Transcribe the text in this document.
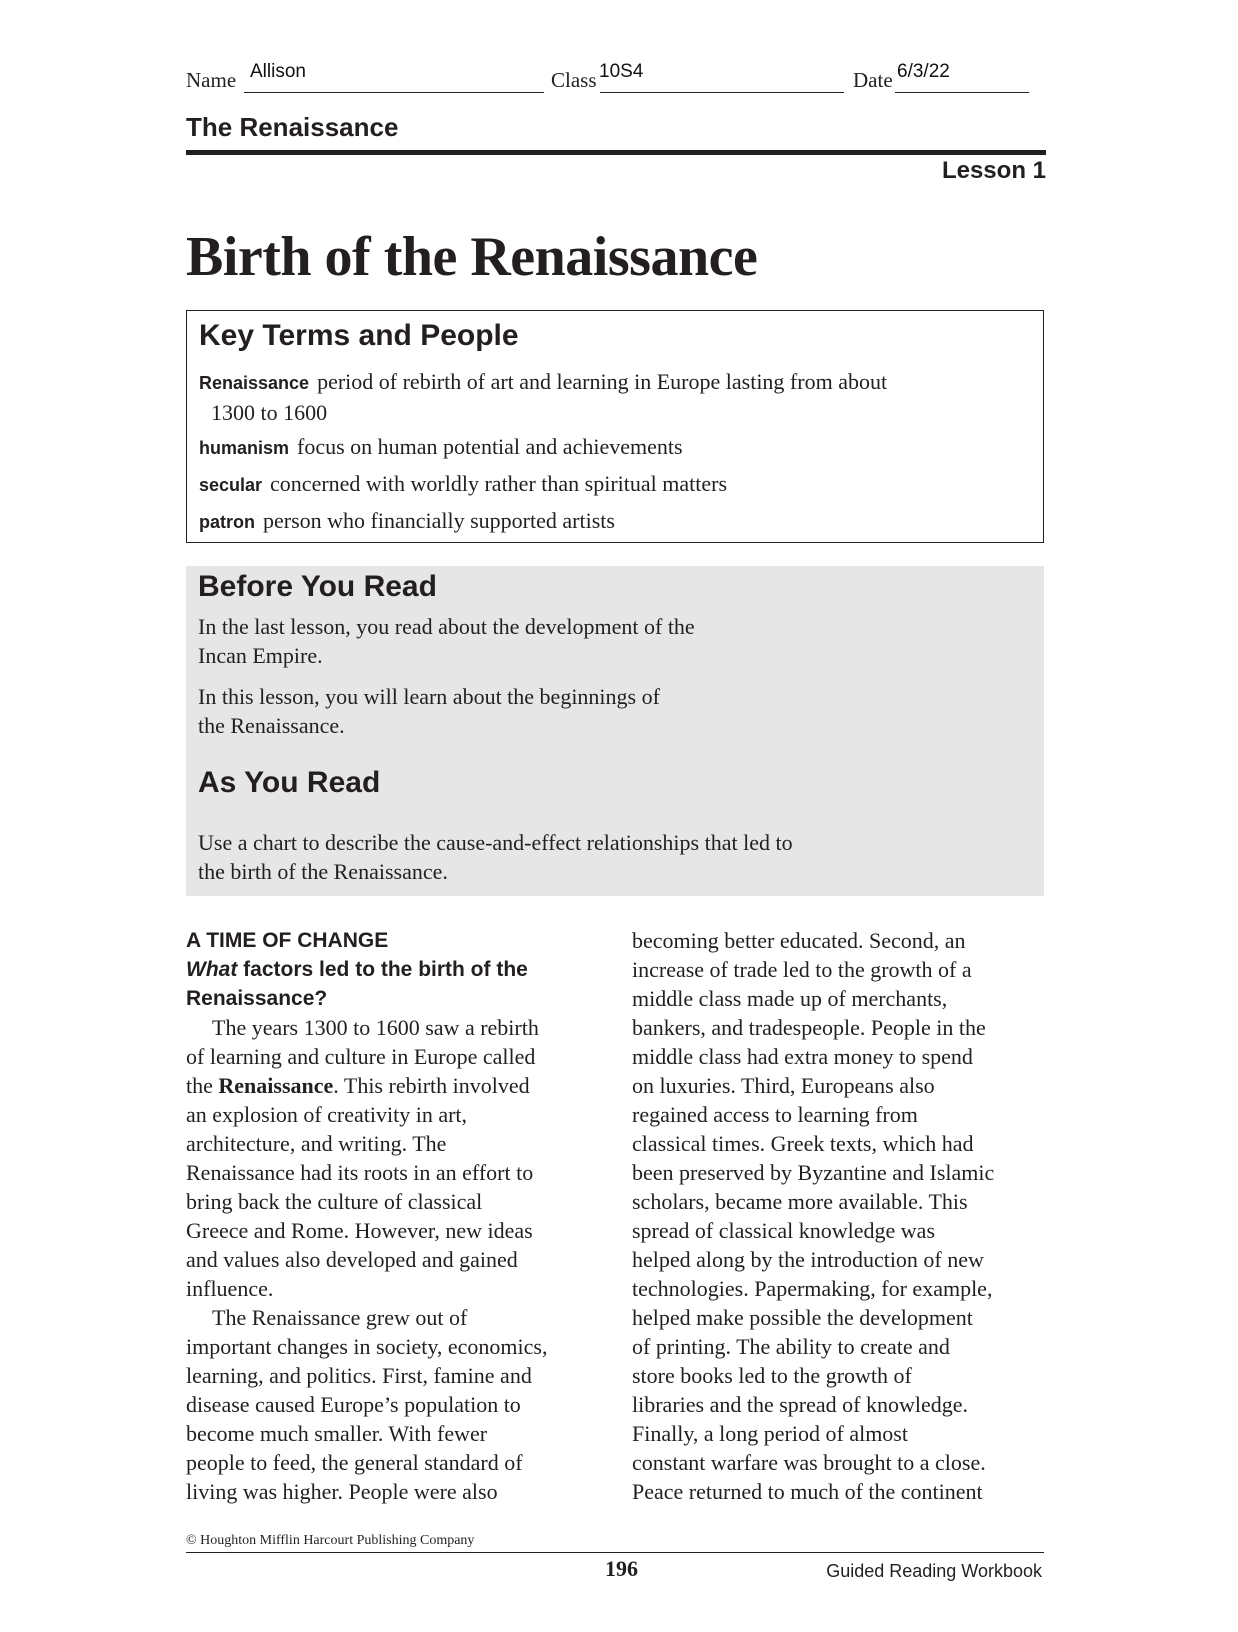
Name Allison	Class 10S4	Date 6/3/22
The Renaissance
Lesson 1
Birth of the Renaissance
Key Terms and People
Renaissance period of rebirth of art and learning in Europe lasting from about
1300 to 1600
humanism focus on human potential and achievements
secular concerned with worldly rather than spiritual matters
patron person who financially supported artists
Before You Read
In the last lesson, you read about the development of the
Incan Empire.
In this lesson, you will learn about the beginnings of
the Renaissance.
As You Read
Use a chart to describe the cause-and-effect relationships that led to
the birth of the Renaissance.
A TIME OF CHANGE
What factors led to the birth of the
Renaissance?
The years 1300 to 1600 saw a rebirth
of learning and culture in Europe called
the Renaissance. This rebirth involved
an explosion of creativity in art,
architecture, and writing. The
Renaissance had its roots in an effort to
bring back the culture of classical
Greece and Rome. However, new ideas
and values also developed and gained
influence.
The Renaissance grew out of
important changes in society, economics,
learning, and politics. First, famine and
disease caused Europe’s population to
become much smaller. With fewer
people to feed, the general standard of
living was higher. People were also
becoming better educated. Second, an
increase of trade led to the growth of a
middle class made up of merchants,
bankers, and tradespeople. People in the
middle class had extra money to spend
on luxuries. Third, Europeans also
regained access to learning from
classical times. Greek texts, which had
been preserved by Byzantine and Islamic
scholars, became more available. This
spread of classical knowledge was
helped along by the introduction of new
technologies. Papermaking, for example,
helped make possible the development
of printing. The ability to create and
store books led to the growth of
libraries and the spread of knowledge.
Finally, a long period of almost
constant warfare was brought to a close.
Peace returned to much of the continent
© Houghton Mifflin Harcourt Publishing Company
196	Guided Reading Workbook
